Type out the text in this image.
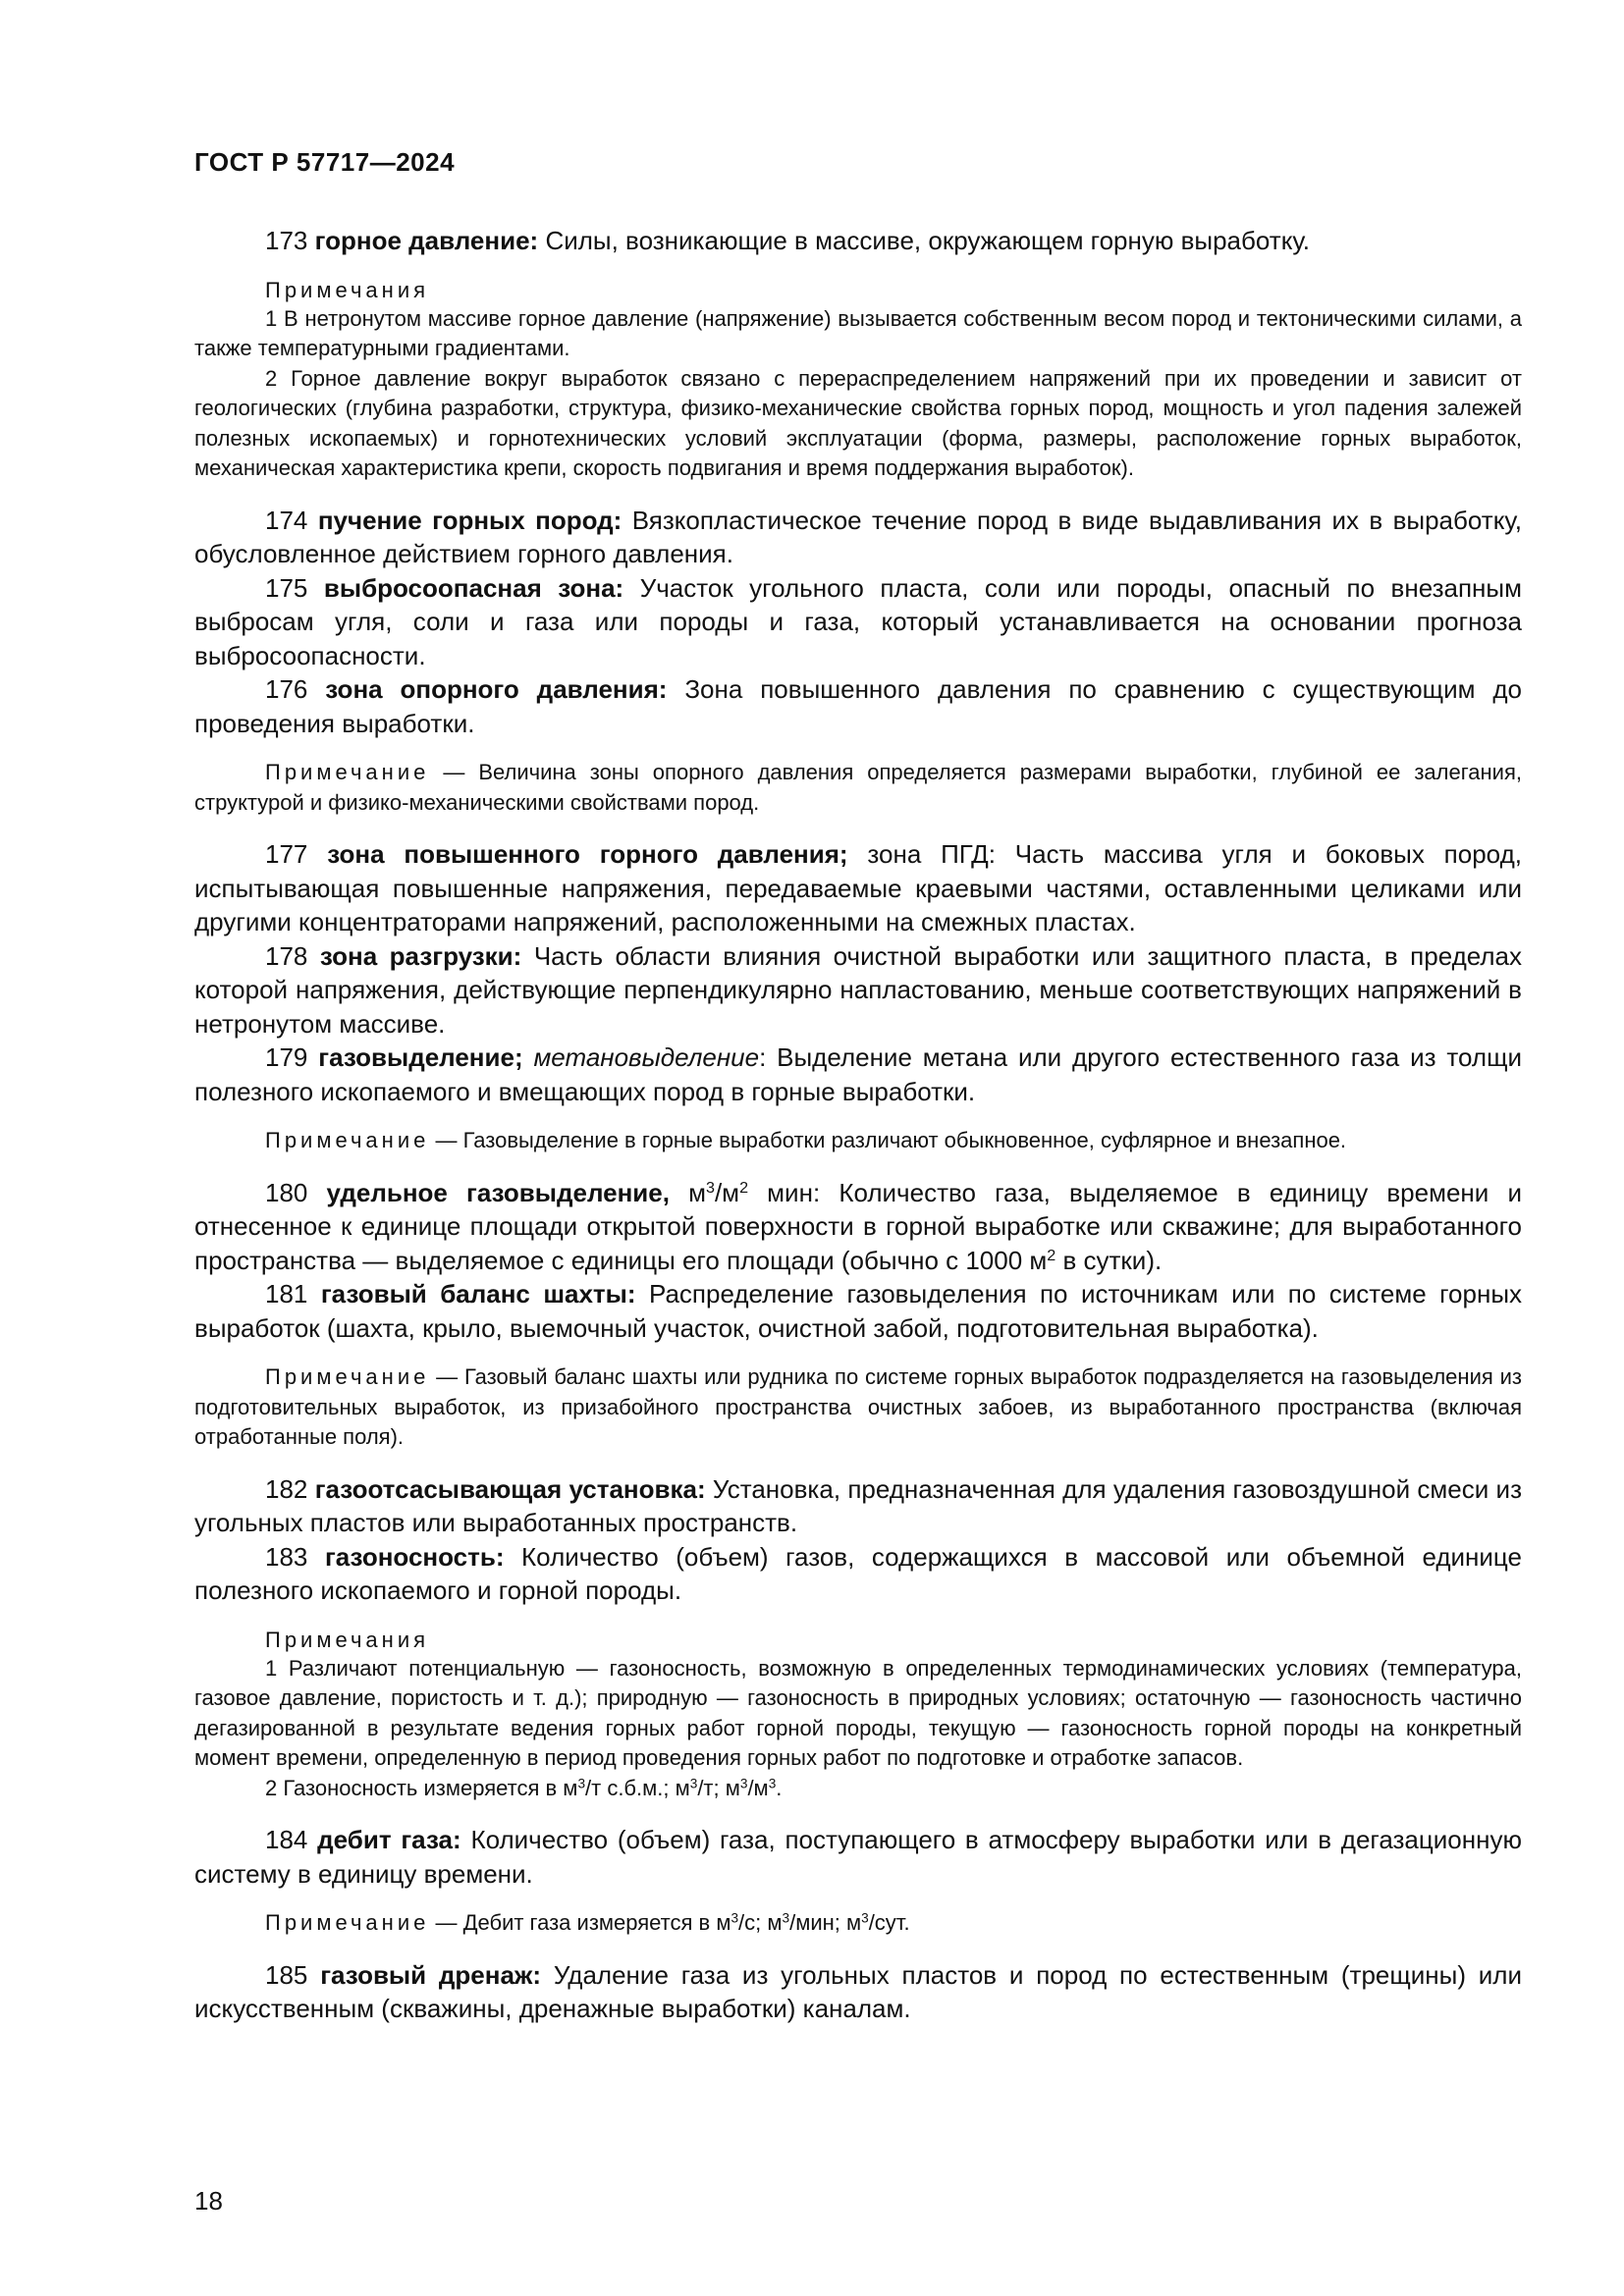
ГОСТ Р 57717—2024

173 горное давление: Силы, возникающие в массиве, окружающем горную выработку.

Примечания

1 В нетронутом массиве горное давление (напряжение) вызывается собственным весом пород и тектоническими силами, а также температурными градиентами.

2 Горное давление вокруг выработок связано с перераспределением напряжений при их проведении и зависит от геологических (глубина разработки, структура, физико-механические свойства горных пород, мощность и угол падения залежей полезных ископаемых) и горнотехнических условий эксплуатации (форма, размеры, расположение горных выработок, механическая характеристика крепи, скорость подвигания и время поддержания выработок).

174 пучение горных пород: Вязкопластическое течение пород в виде выдавливания их в выработку, обусловленное действием горного давления.

175 выбросоопасная зона: Участок угольного пласта, соли или породы, опасный по внезапным выбросам угля, соли и газа или породы и газа, который устанавливается на основании прогноза выбросоопасности.

176 зона опорного давления: Зона повышенного давления по сравнению с существующим до проведения выработки.

Примечание — Величина зоны опорного давления определяется размерами выработки, глубиной ее залегания, структурой и физико-механическими свойствами пород.

177 зона повышенного горного давления; зона ПГД: Часть массива угля и боковых пород, испытывающая повышенные напряжения, передаваемые краевыми частями, оставленными целиками или другими концентраторами напряжений, расположенными на смежных пластах.

178 зона разгрузки: Часть области влияния очистной выработки или защитного пласта, в пределах которой напряжения, действующие перпендикулярно напластованию, меньше соответствующих напряжений в нетронутом массиве.

179 газовыделение; метановыделение: Выделение метана или другого естественного газа из толщи полезного ископаемого и вмещающих пород в горные выработки.

Примечание — Газовыделение в горные выработки различают обыкновенное, суфлярное и внезапное.

180 удельное газовыделение, $м^3/м^2$ мин: Количество газа, выделяемое в единицу времени и отнесенное к единице площади открытой поверхности в горной выработке или скважине; для выработанного пространства — выделяемое с единицы его площади (обычно с 1000 $м^2$ в сутки).

181 газовый баланс шахты: Распределение газовыделения по источникам или по системе горных выработок (шахта, крыло, выемочный участок, очистной забой, подготовительная выработка).

Примечание — Газовый баланс шахты или рудника по системе горных выработок подразделяется на газовыделения из подготовительных выработок, из призабойного пространства очистных забоев, из выработанного пространства (включая отработанные поля).

182 газоотсасывающая установка: Установка, предназначенная для удаления газовоздушной смеси из угольных пластов или выработанных пространств.

183 газоносность: Количество (объем) газов, содержащихся в массовой или объемной единице полезного ископаемого и горной породы.

Примечания

1 Различают потенциальную — газоносность, возможную в определенных термодинамических условиях (температура, газовое давление, пористость и т. д.); природную — газоносность в природных условиях; остаточную — газоносность частично дегазированной в результате ведения горных работ горной породы, текущую — газоносность горной породы на конкретный момент времени, определенную в период проведения горных работ по подготовке и отработке запасов.

2 Газоносность измеряется в $м^3/т$ с.б.м.; $м^3/т$; $м^3/м^3$.

184 дебит газа: Количество (объем) газа, поступающего в атмосферу выработки или в дегазационную систему в единицу времени.

Примечание — Дебит газа измеряется в $м^3/с$; $м^3$/мин; $м^3$/сут.

185 газовый дренаж: Удаление газа из угольных пластов и пород по естественным (трещины) или искусственным (скважины, дренажные выработки) каналам.

18
